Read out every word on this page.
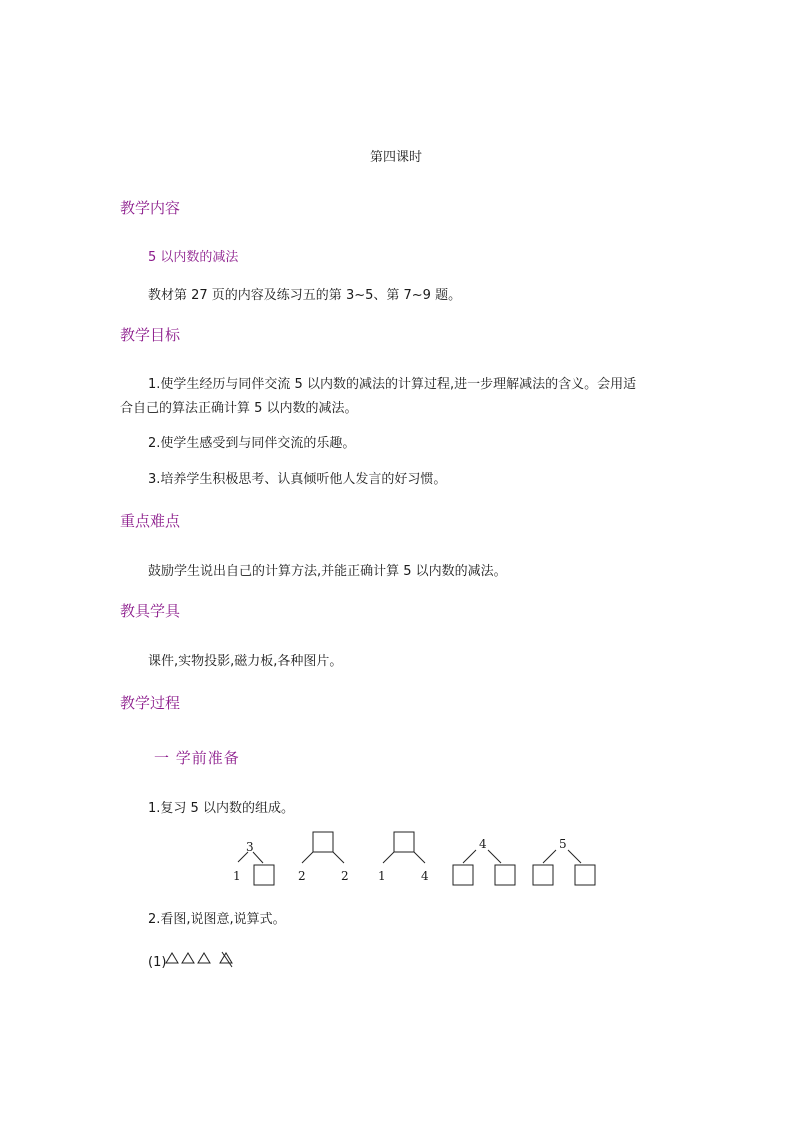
第四课时
教学内容
5 以内数的减法
教材第 27 页的内容及练习五的第 3~5、第 7~9 题。
教学目标
1.使学生经历与同伴交流 5 以内数的减法的计算过程,进一步理解减法的含义。会用适
合自己的算法正确计算 5 以内数的减法。
2.使学生感受到与同伴交流的乐趣。
3.培养学生积极思考、认真倾听他人发言的好习惯。
重点难点
鼓励学生说出自己的计算方法,并能正确计算 5 以内数的减法。
教具学具
课件,实物投影,磁力板,各种图片。
教学过程
一 学前准备
1.复习 5 以内数的组成。
3
1	2	2 1	4
4	5
2.看图,说图意,说算式。
(1)
